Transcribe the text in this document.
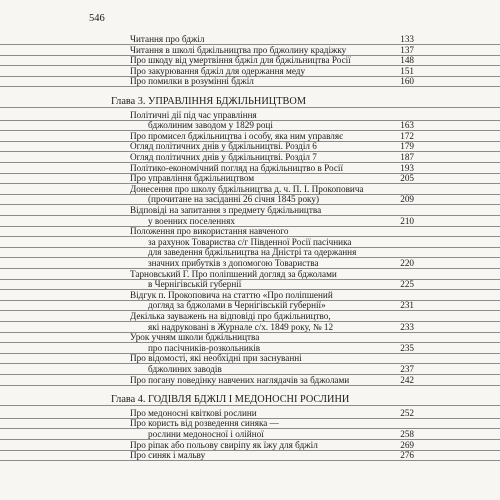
546
Читання про бджіл	133
Читання в школі бджільництва про бджолину крадіжку	137
Про шкоду від умертвіння бджіл для бджільництва Росії	148
Про закурювання бджіл для одержання меду	151
Про помилки в розумінні бджіл	160
Глава 3. УПРАВЛІННЯ БДЖІЛЬНИЦТВОМ
Політичні дії під час управління
бджолиним заводом у 1829 році	163
Про промисел бджільництва і особу, яка ним управляє	172
Огляд політичних днів у бджільництві. Розділ 6	179
Огляд політичних днів у бджільництві. Розділ 7	187
Політико-економічний погляд на бджільництво в Росії	193
Про управління бджільництвом	205
Донесення про школу бджільництва д. ч. П. І. Прокоповича
(прочитане на засіданні 26 січня 1845 року)	209
Відповіді на запитання з предмету бджільництва
у военних поселеннях	210
Положення про використання навченого
за рахунок Товариства с/г Південної Росії пасічника
для заведення бджільництва на Дністрі та одержання
значних прибутків з допомогою Товариства	220
Тарновський Г. Про поліпшений догляд за бджолами
в Чернігівській губернії	225
Відгук п. Прокоповича на статтю «Про поліпшений
догляд за бджолами в Чернігівській губернії»	231
Декілька зауважень на відповіді про бджільництво,
які надруковані в Журнале с/х. 1849 року, № 12	233
Урок учням школи бджільництва
про пасічників-розкольників	235
Про відомості, які необхідні при заснуванні
бджолиних заводів	237
Про погану поведінку навчених наглядачів за бджолами	242
Глава 4. ГОДІВЛЯ БДЖІЛ І МЕДОНОСНІ РОСЛИНИ
Про медоносні квіткові рослини	252
Про користь від розведення синяка —
рослини медоносної і олійної	258
Про ріпак або польову свиріпу як їжу для бджіл	269
Про синяк і мальву	276
